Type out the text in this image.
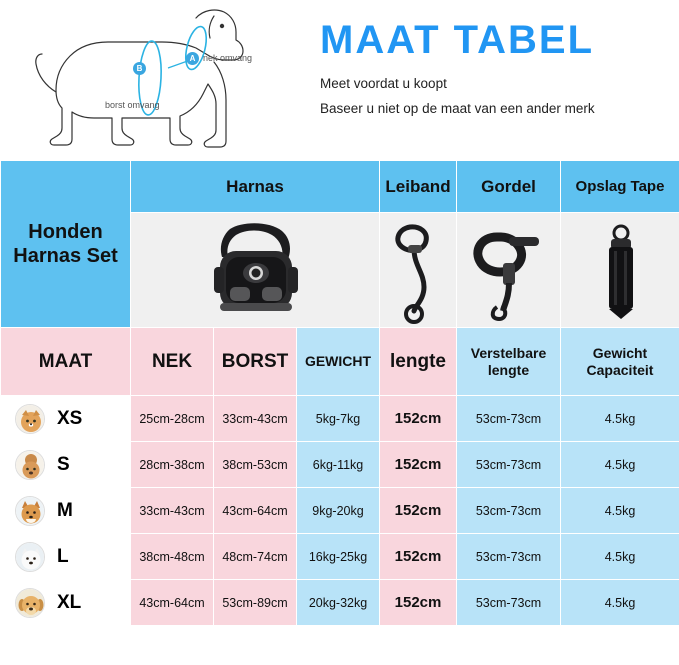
A
B
nek omvang
borst omvang
MAAT TABEL
Meet voordat u koopt
Baseer u niet op de maat van een ander merk
Honden Harnas Set	Harnas			Leiband	Gordel	Opslag Tape

MAAT	NEK	BORST	GEWICHT	lengte	Verstelbare lengte	Gewicht Capaciteit

XS	25cm-28cm	33cm-43cm	5kg-7kg	152cm	53cm-73cm	4.5kg

S	28cm-38cm	38cm-53cm	6kg-11kg	152cm	53cm-73cm	4.5kg

M	33cm-43cm	43cm-64cm	9kg-20kg	152cm	53cm-73cm	4.5kg

L	38cm-48cm	48cm-74cm	16kg-25kg	152cm	53cm-73cm	4.5kg

XL	43cm-64cm	53cm-89cm	20kg-32kg	152cm	53cm-73cm	4.5kg
